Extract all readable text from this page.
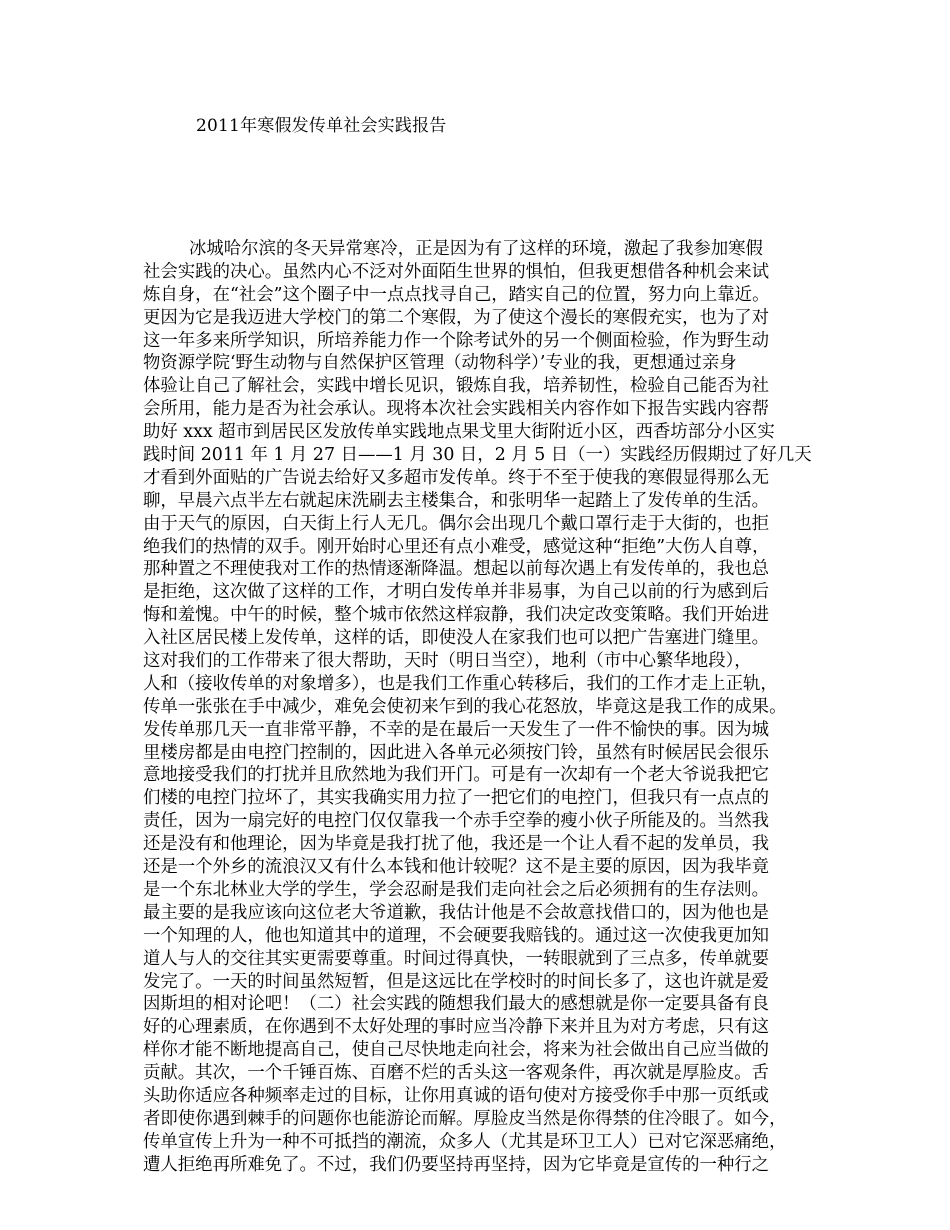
2011年寒假发传单社会实践报告
冰城哈尔滨的冬天异常寒冷，正是因为有了这样的环境，激起了我参加寒假
社会实践的决心。虽然内心不泛对外面陌生世界的惧怕，但我更想借各种机会来试
炼自身，在“社会”这个圈子中一点点找寻自己，踏实自己的位置，努力向上靠近。
更因为它是我迈进大学校门的第二个寒假，为了使这个漫长的寒假充实，也为了对
这一年多来所学知识，所培养能力作一个除考试外的另一个侧面检验，作为野生动
物资源学院‘野生动物与自然保护区管理（动物科学）’专业的我，更想通过亲身
体验让自己了解社会，实践中增长见识，锻炼自我，培养韧性，检验自己能否为社
会所用，能力是否为社会承认。现将本次社会实践相关内容作如下报告实践内容帮
助好 xxx 超市到居民区发放传单实践地点果戈里大街附近小区，西香坊部分小区实
践时间 2011 年 1 月 27 日——1 月 30 日，2 月 5 日（一）实践经历假期过了好几天
才看到外面贴的广告说去给好又多超市发传单。终于不至于使我的寒假显得那么无
聊，早晨六点半左右就起床洗刷去主楼集合，和张明华一起踏上了发传单的生活。
由于天气的原因，白天街上行人无几。偶尔会出现几个戴口罩行走于大街的，也拒
绝我们的热情的双手。刚开始时心里还有点小难受，感觉这种“拒绝”大伤人自尊，
那种置之不理使我对工作的热情逐渐降温。想起以前每次遇上有发传单的，我也总
是拒绝，这次做了这样的工作，才明白发传单并非易事，为自己以前的行为感到后
悔和羞愧。中午的时候，整个城市依然这样寂静，我们决定改变策略。我们开始进
入社区居民楼上发传单，这样的话，即使没人在家我们也可以把广告塞进门缝里。
这对我们的工作带来了很大帮助，天时（明日当空），地利（市中心繁华地段），
人和（接收传单的对象增多），也是我们工作重心转移后，我们的工作才走上正轨，
传单一张张在手中减少，难免会使初来乍到的我心花怒放，毕竟这是我工作的成果。
发传单那几天一直非常平静，不幸的是在最后一天发生了一件不愉快的事。因为城
里楼房都是由电控门控制的，因此进入各单元必须按门铃，虽然有时候居民会很乐
意地接受我们的打扰并且欣然地为我们开门。可是有一次却有一个老大爷说我把它
们楼的电控门拉坏了，其实我确实用力拉了一把它们的电控门，但我只有一点点的
责任，因为一扇完好的电控门仅仅靠我一个赤手空拳的瘦小伙子所能及的。当然我
还是没有和他理论，因为毕竟是我打扰了他，我还是一个让人看不起的发单员，我
还是一个外乡的流浪汉又有什么本钱和他计较呢？这不是主要的原因，因为我毕竟
是一个东北林业大学的学生，学会忍耐是我们走向社会之后必须拥有的生存法则。
最主要的是我应该向这位老大爷道歉，我估计他是不会故意找借口的，因为他也是
一个知理的人，他也知道其中的道理，不会硬要我赔钱的。通过这一次使我更加知
道人与人的交往其实更需要尊重。时间过得真快，一转眼就到了三点多，传单就要
发完了。一天的时间虽然短暂，但是这远比在学校时的时间长多了，这也许就是爱
因斯坦的相对论吧！（二）社会实践的随想我们最大的感想就是你一定要具备有良
好的心理素质，在你遇到不太好处理的事时应当冷静下来并且为对方考虑，只有这
样你才能不断地提高自己，使自己尽快地走向社会，将来为社会做出自己应当做的
贡献。其次，一个千锤百炼、百磨不烂的舌头这一客观条件，再次就是厚脸皮。舌
头助你适应各种频率走过的目标，让你用真诚的语句使对方接受你手中那一页纸或
者即使你遇到棘手的问题你也能游论而解。厚脸皮当然是你得禁的住冷眼了。如今，
传单宣传上升为一种不可抵挡的潮流，众多人（尤其是环卫工人）已对它深恶痛绝，
遭人拒绝再所难免了。不过，我们仍要坚持再坚持，因为它毕竟是宣传的一种行之
